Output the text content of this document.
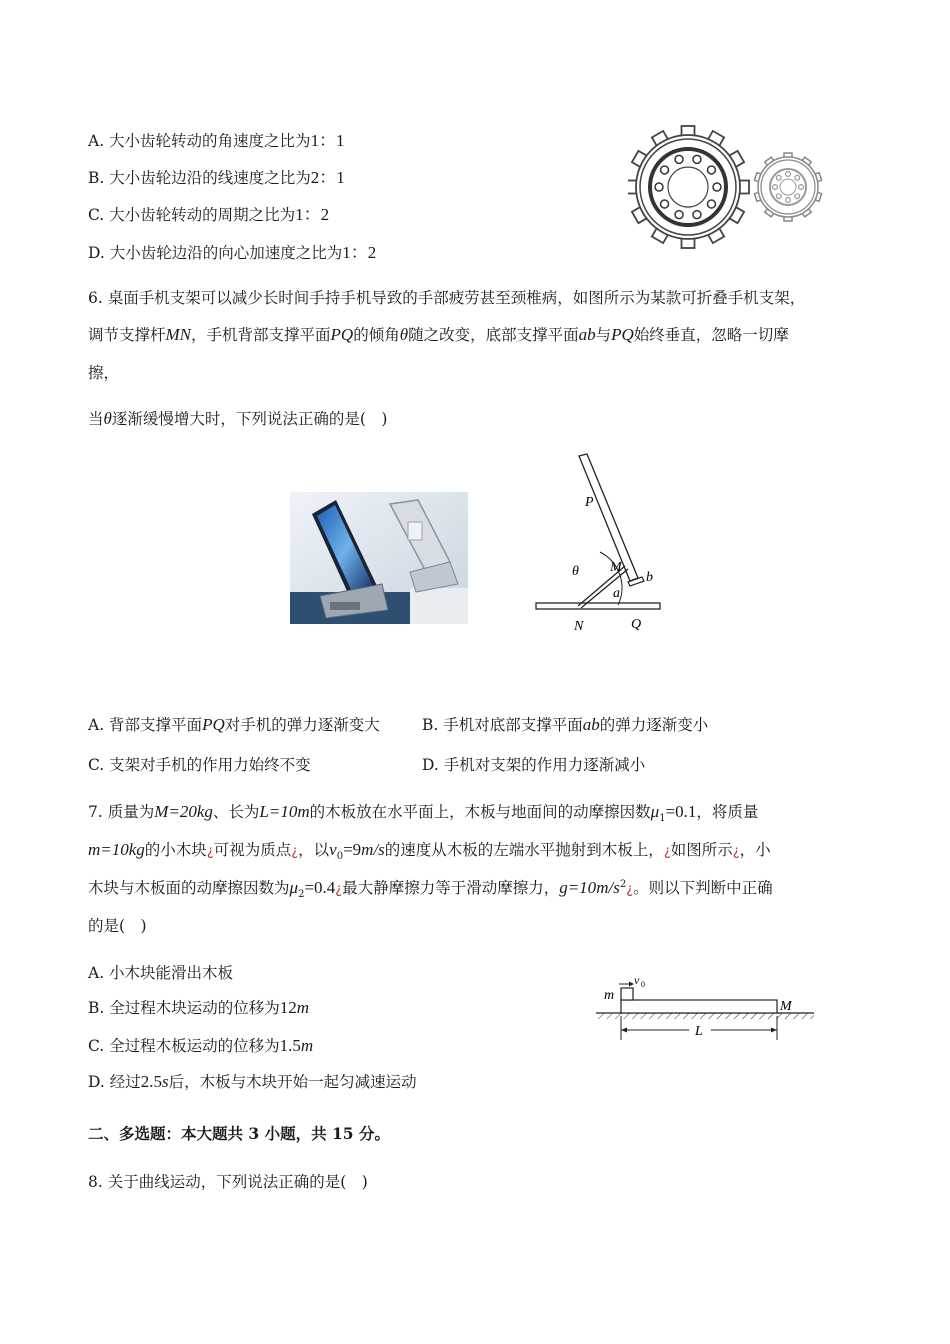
A. 大小齿轮转动的角速度之比为1：1
B. 大小齿轮边沿的线速度之比为2：1
C. 大小齿轮转动的周期之比为1：2
D. 大小齿轮边沿的向心加速度之比为1：2
6. 桌面手机支架可以减少长时间手持手机导致的手部疲劳甚至颈椎病，如图所示为某款可折叠手机支架，
调节支撑杆MN，手机背部支撑平面PQ的倾角θ随之改变，底部支撑平面ab与PQ始终垂直，忽略一切摩
擦，
当θ逐渐缓慢增大时，下列说法正确的是(　)
P
M
b
θ
a
N	Q
A. 背部支撑平面PQ对手机的弹力逐渐变大	B. 手机对底部支撑平面ab的弹力逐渐变小
C. 支架对手机的作用力始终不变	D. 手机对支架的作用力逐渐减小
7. 质量为M=20kg、长为L=10m的木板放在水平面上，木板与地面间的动摩擦因数$\mu_1=0.1$，将质量
m=10kg的小木块¿可视为质点¿，以$v_0=9m/s$的速度从木板的左端水平抛射到木板上，¿如图所示¿，小
木块与木板面的动摩擦因数为$\mu_2=0.4¿$最大静摩擦力等于滑动摩擦力，$g=10m/s^2¿$。则以下判断中正确
的是(　)
A. 小木块能滑出木板
B. 全过程木块运动的位移为12m
C. 全过程木板运动的位移为1.5m
D. 经过2.5s后，木板与木块开始一起匀减速运动
m
v 0
M
L
二、多选题：本大题共 3 小题，共 15 分。
8. 关于曲线运动，下列说法正确的是(　)
